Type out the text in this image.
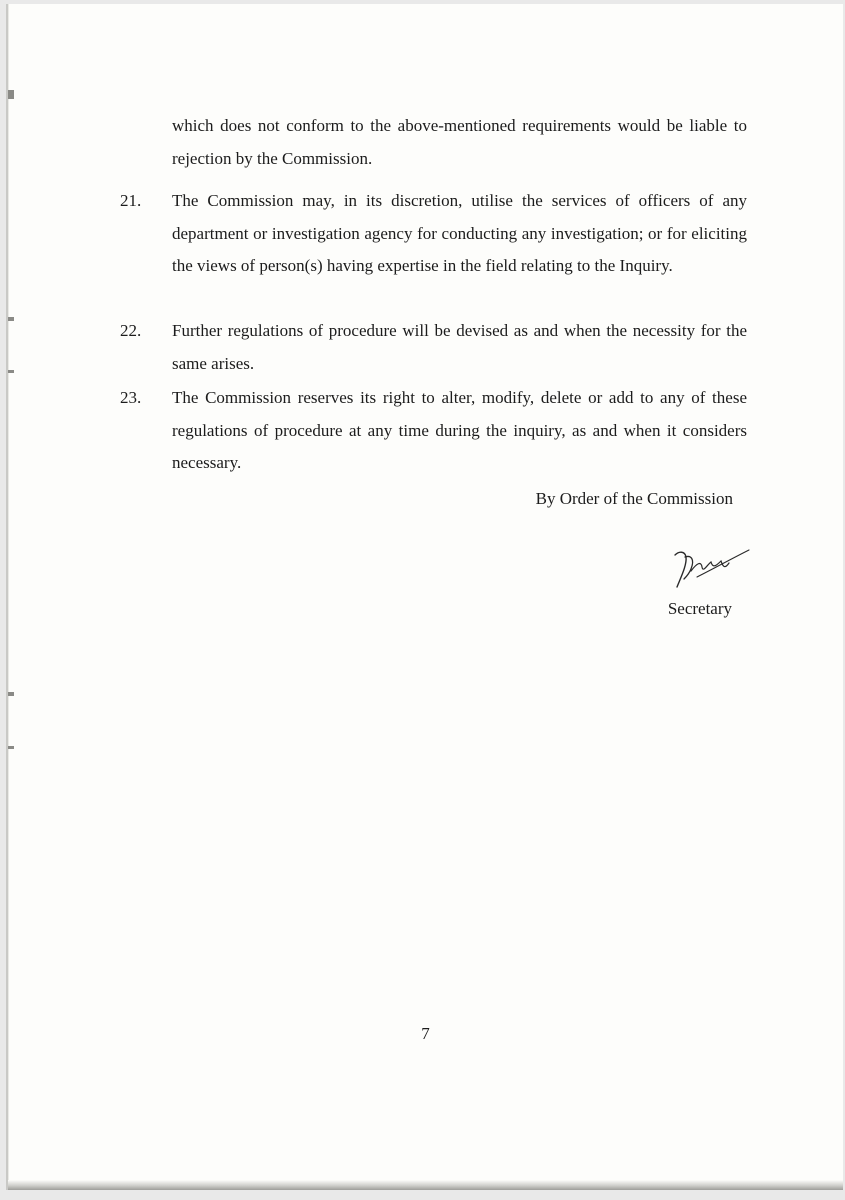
which does not conform to the above-mentioned requirements would be liable to rejection by the Commission.

21. The Commission may, in its discretion, utilise the services of officers of any department or investigation agency for conducting any investigation; or for eliciting the views of person(s) having expertise in the field relating to the Inquiry.

22. Further regulations of procedure will be devised as and when the necessity for the same arises.

23. The Commission reserves its right to alter, modify, delete or add to any of these regulations of procedure at any time during the inquiry, as and when it considers necessary.

By Order of the Commission
Secretary
7
